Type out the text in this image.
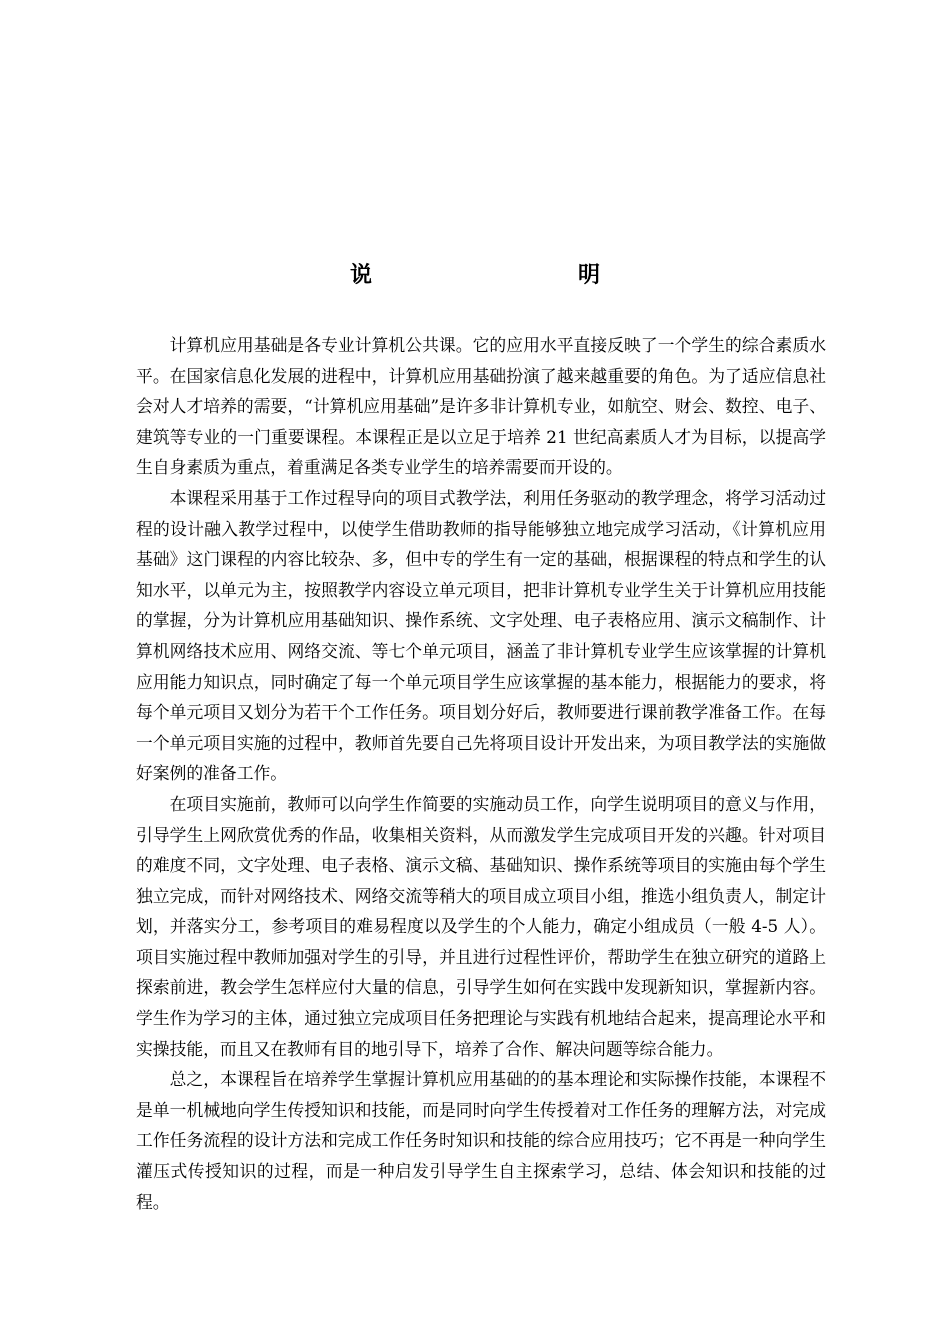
说　明

计算机应用基础是各专业计算机公共课。它的应用水平直接反映了一个学生的综合素质水平。在国家信息化发展的进程中，计算机应用基础扮演了越来越重要的角色。为了适应信息社会对人才培养的需要，“计算机应用基础”是许多非计算机专业，如航空、财会、数控、电子、建筑等专业的一门重要课程。本课程正是以立足于培养 21 世纪高素质人才为目标，以提高学生自身素质为重点，着重满足各类专业学生的培养需要而开设的。

本课程采用基于工作过程导向的项目式教学法，利用任务驱动的教学理念，将学习活动过程的设计融入教学过程中，以使学生借助教师的指导能够独立地完成学习活动，《计算机应用基础》这门课程的内容比较杂、多，但中专的学生有一定的基础，根据课程的特点和学生的认知水平，以单元为主，按照教学内容设立单元项目，把非计算机专业学生关于计算机应用技能的掌握，分为计算机应用基础知识、操作系统、文字处理、电子表格应用、演示文稿制作、计算机网络技术应用、网络交流、等七个单元项目，涵盖了非计算机专业学生应该掌握的计算机应用能力知识点，同时确定了每一个单元项目学生应该掌握的基本能力，根据能力的要求，将每个单元项目又划分为若干个工作任务。项目划分好后，教师要进行课前教学准备工作。在每一个单元项目实施的过程中，教师首先要自己先将项目设计开发出来，为项目教学法的实施做好案例的准备工作。

在项目实施前，教师可以向学生作简要的实施动员工作，向学生说明项目的意义与作用，引导学生上网欣赏优秀的作品，收集相关资料，从而激发学生完成项目开发的兴趣。针对项目的难度不同，文字处理、电子表格、演示文稿、基础知识、操作系统等项目的实施由每个学生独立完成，而针对网络技术、网络交流等稍大的项目成立项目小组，推选小组负责人，制定计划，并落实分工，参考项目的难易程度以及学生的个人能力，确定小组成员（一般 4-5 人）。项目实施过程中教师加强对学生的引导，并且进行过程性评价，帮助学生在独立研究的道路上探索前进，教会学生怎样应付大量的信息，引导学生如何在实践中发现新知识，掌握新内容。学生作为学习的主体，通过独立完成项目任务把理论与实践有机地结合起来，提高理论水平和实操技能，而且又在教师有目的地引导下，培养了合作、解决问题等综合能力。

总之，本课程旨在培养学生掌握计算机应用基础的的基本理论和实际操作技能，本课程不是单一机械地向学生传授知识和技能，而是同时向学生传授着对工作任务的理解方法，对完成工作任务流程的设计方法和完成工作任务时知识和技能的综合应用技巧；它不再是一种向学生灌压式传授知识的过程，而是一种启发引导学生自主探索学习，总结、体会知识和技能的过程。
